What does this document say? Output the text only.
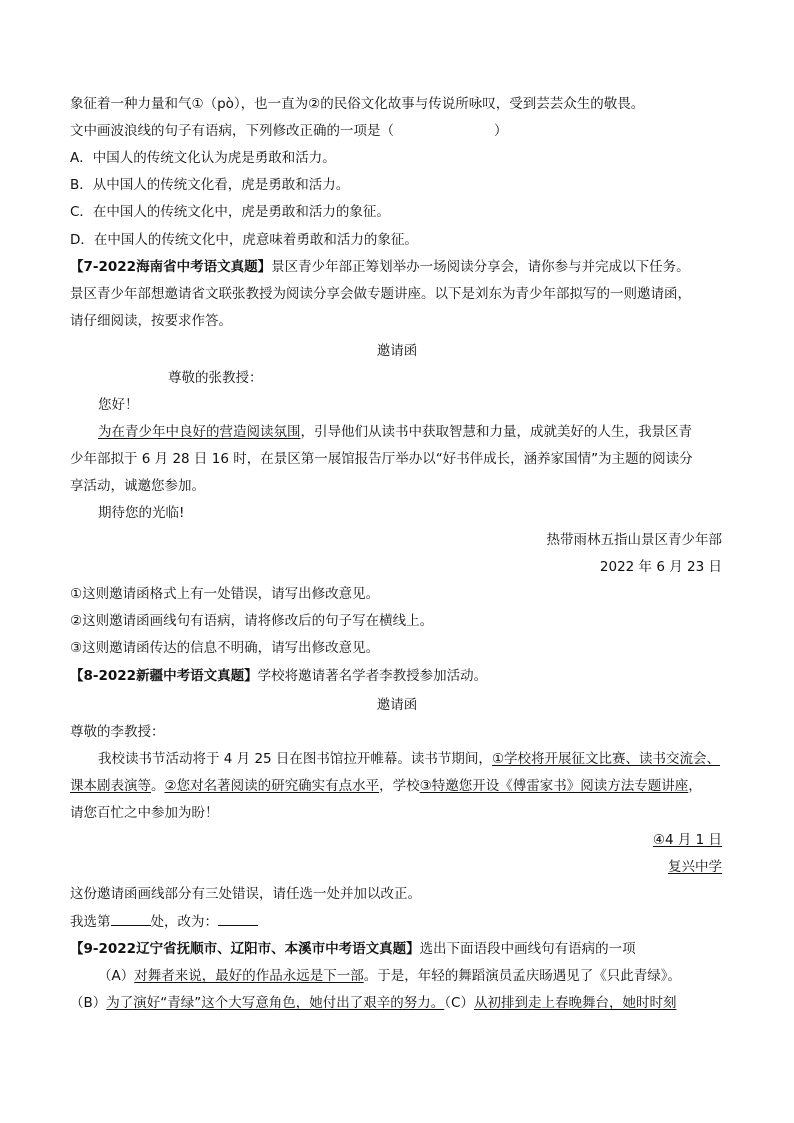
象征着一种力量和气①（pò），也一直为②的民俗文化故事与传说所咏叹，受到芸芸众生的敬畏。
文中画波浪线的句子有语病，下列修改正确的一项是（	）
A．中国人的传统文化认为虎是勇敢和活力。
B．从中国人的传统文化看，虎是勇敢和活力。
C．在中国人的传统文化中，虎是勇敢和活力的象征。
D．在中国人的传统文化中，虎意味着勇敢和活力的象征。
【7-2022海南省中考语文真题】景区青少年部正筹划举办一场阅读分享会，请你参与并完成以下任务。
景区青少年部想邀请省文联张教授为阅读分享会做专题讲座。以下是刘东为青少年部拟写的一则邀请函，
请仔细阅读，按要求作答。
邀请函
尊敬的张教授：
您好！
为在青少年中良好的营造阅读氛围，引导他们从读书中获取智慧和力量，成就美好的人生，我景区青
少年部拟于 6 月 28 日 16 时，在景区第一展馆报告厅举办以“好书伴成长，涵养家国情”为主题的阅读分
享活动，诚邀您参加。
期待您的光临!
热带雨林五指山景区青少年部
2022 年 6 月 23 日
①这则邀请函格式上有一处错误，请写出修改意见。
②这则邀请函画线句有语病，请将修改后的句子写在横线上。
③这则邀请函传达的信息不明确，请写出修改意见。
【8-2022新疆中考语文真题】学校将邀请著名学者李教授参加活动。
邀请函
尊敬的李教授：
我校读书节活动将于 4 月 25 日在图书馆拉开帷幕。读书节期间，①学校将开展征文比赛、读书交流会、
课本剧表演等。②您对名著阅读的研究确实有点水平，学校③特邀您开设《傅雷家书》阅读方法专题讲座，
请您百忙之中参加为盼！
④4 月 1 日
复兴中学
这份邀请函画线部分有三处错误，请任选一处并加以改正。
我选第	处，改为：
【9-2022辽宁省抚顺市、辽阳市、本溪市中考语文真题】选出下面语段中画线句有语病的一项
（A）对舞者来说，最好的作品永远是下一部。于是，年轻的舞蹈演员孟庆旸遇见了《只此青绿》。
（B）为了演好“青绿”这个大写意角色，她付出了艰辛的努力。（C）从初排到走上春晚舞台，她时时刻
